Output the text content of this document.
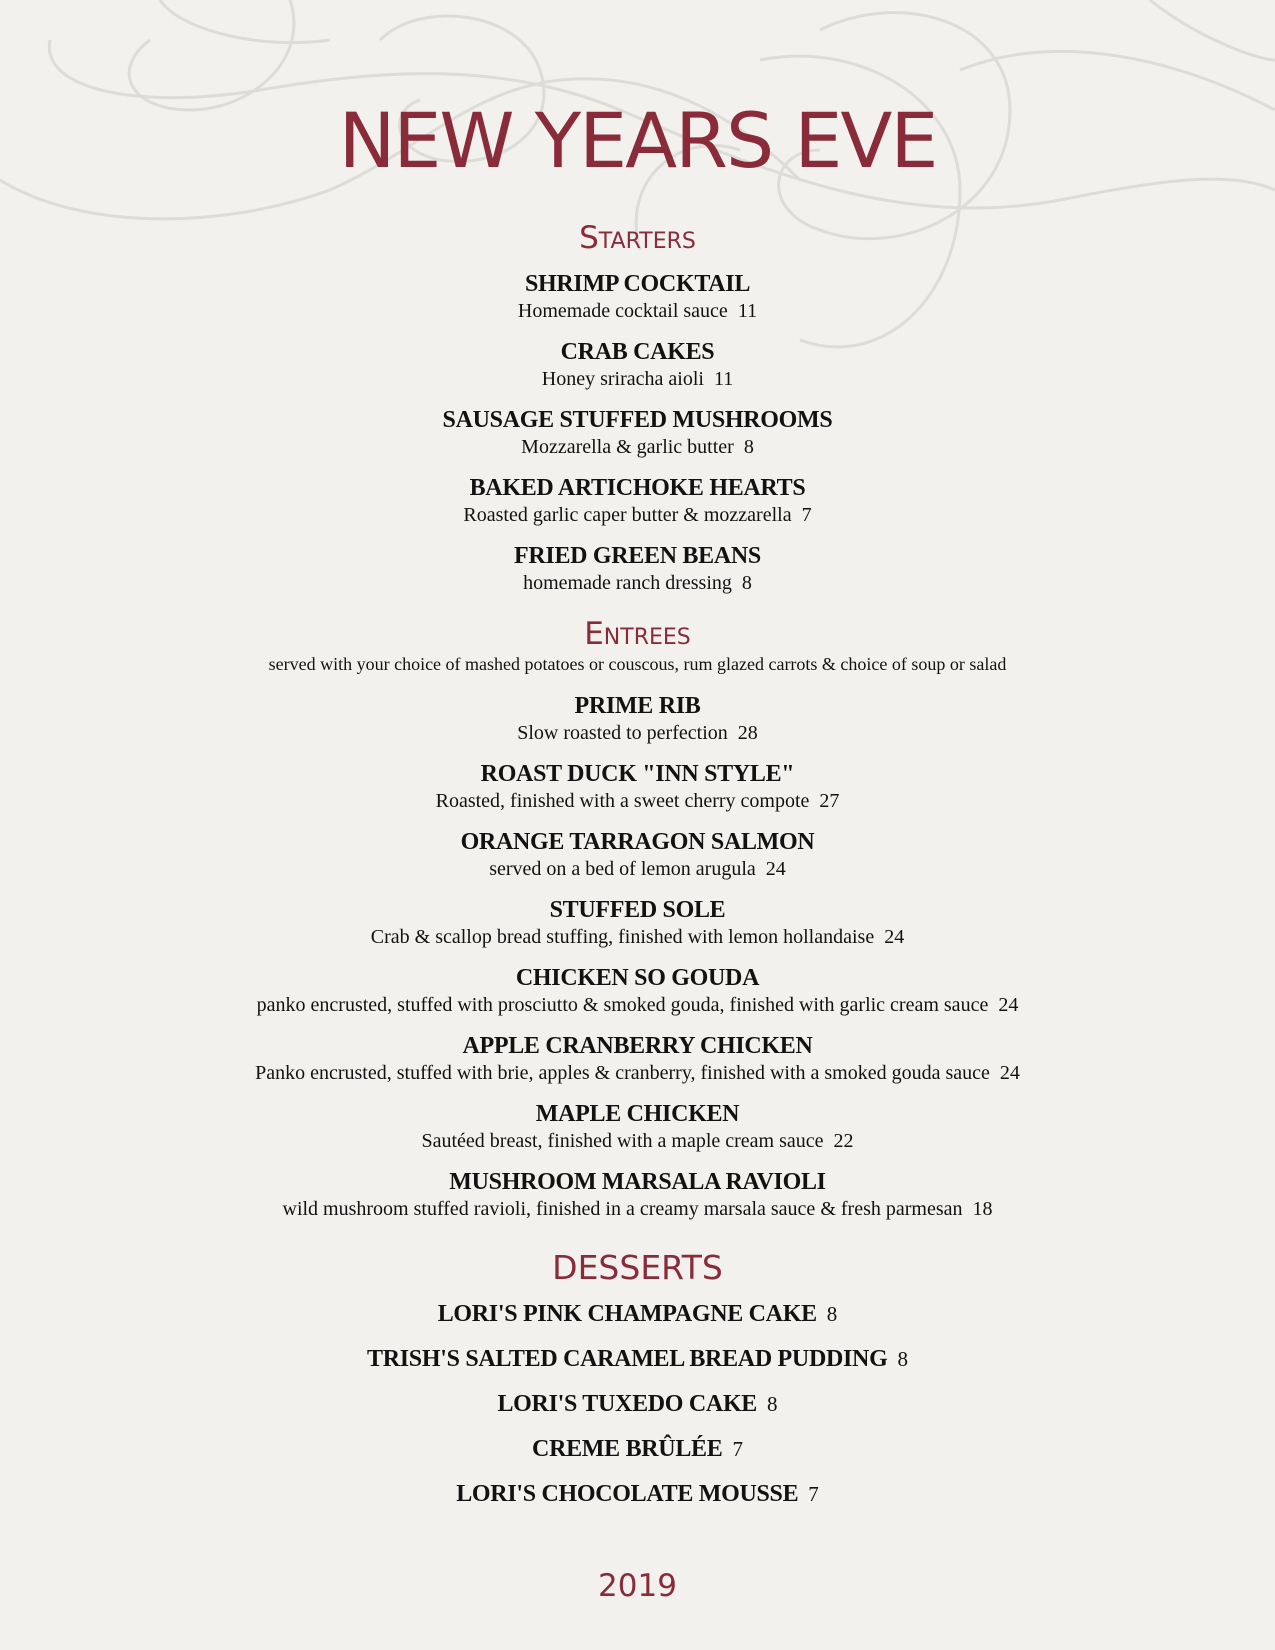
NEW YEARS EVE
Starters
SHRIMP COCKTAIL
Homemade cocktail sauce 11
CRAB CAKES
Honey sriracha aioli 11
SAUSAGE STUFFED MUSHROOMS
Mozzarella & garlic butter 8
BAKED ARTICHOKE HEARTS
Roasted garlic caper butter & mozzarella 7
FRIED GREEN BEANS
homemade ranch dressing 8
Entrees
served with your choice of mashed potatoes or couscous, rum glazed carrots & choice of soup or salad
PRIME RIB
Slow roasted to perfection 28
ROAST DUCK "INN STYLE"
Roasted, finished with a sweet cherry compote 27
ORANGE TARRAGON SALMON
served on a bed of lemon arugula 24
STUFFED SOLE
Crab & scallop bread stuffing, finished with lemon hollandaise 24
CHICKEN SO GOUDA
panko encrusted, stuffed with prosciutto & smoked gouda, finished with garlic cream sauce 24
APPLE CRANBERRY CHICKEN
Panko encrusted, stuffed with brie, apples & cranberry, finished with a smoked gouda sauce 24
MAPLE CHICKEN
Sautéed breast, finished with a maple cream sauce 22
MUSHROOM MARSALA RAVIOLI
wild mushroom stuffed ravioli, finished in a creamy marsala sauce & fresh parmesan 18
DESSERTS
LORI'S PINK CHAMPAGNE CAKE 8
TRISH'S SALTED CARAMEL BREAD PUDDING 8
LORI'S TUXEDO CAKE 8
CREME BRÛLÉE 7
LORI'S CHOCOLATE MOUSSE 7
2019
